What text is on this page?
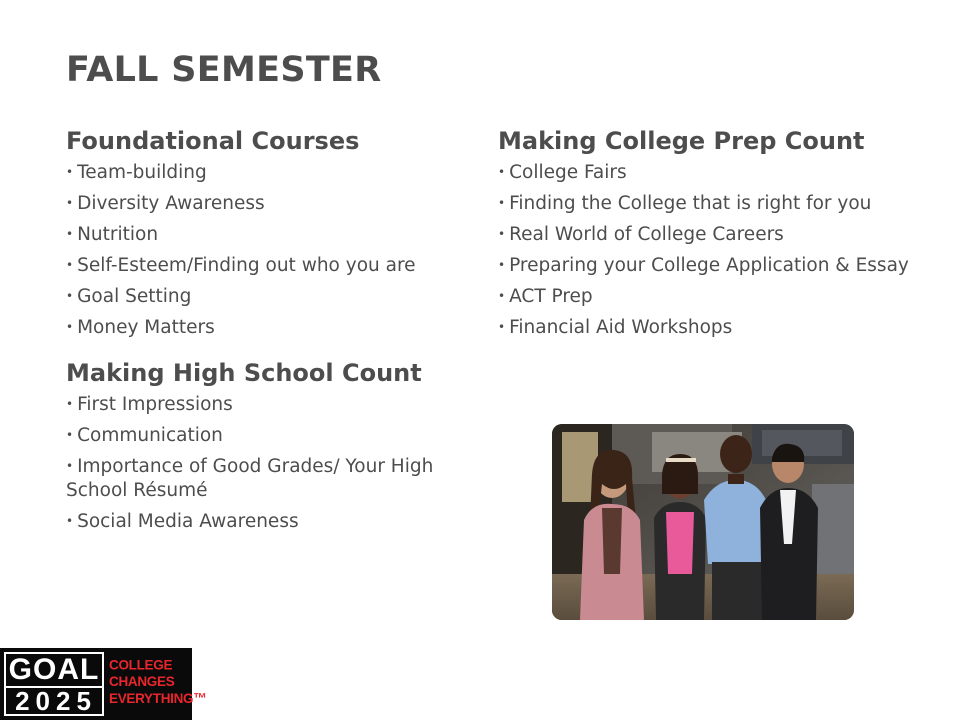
FALL SEMESTER
Foundational Courses
• Team-building
• Diversity Awareness
• Nutrition
• Self-Esteem/Finding out who you are
• Goal Setting
• Money Matters
Making High School Count
• First Impressions
• Communication
• Importance of Good Grades/ Your High School Résumé
• Social Media Awareness
Making College Prep Count
• College Fairs
• Finding the College that is right for you
• Real World of College Careers
• Preparing your College Application & Essay
• ACT Prep
• Financial Aid Workshops
GOAL
2025
COLLEGE
CHANGES
EVERYTHING™
